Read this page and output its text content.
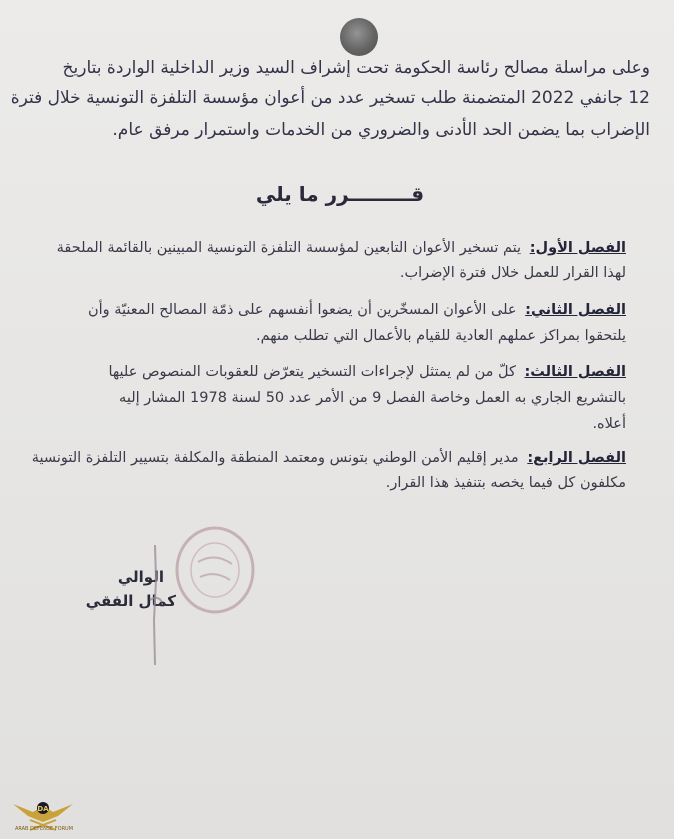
وعلى مراسلة مصالح رئاسة الحكومة تحت إشراف السيد وزير الداخلية الواردة بتاريخ
12 جانفي 2022 المتضمنة طلب تسخير عدد من أعوان مؤسسة التلفزة التونسية خلال فترة
الإضراب بما يضمن الحد الأدنى والضروري من الخدمات واستمرار مرفق عام.
قـــــــــرر ما يلي
الفصل الأول: يتم تسخير الأعوان التابعين لمؤسسة التلفزة التونسية المبينين بالقائمة الملحقة
لهذا القرار للعمل خلال فترة الإضراب.
الفصل الثاني: على الأعوان المسخّرين أن يضعوا أنفسهم على ذمّة المصالح المعنيّة وأن
يلتحقوا بمراكز عملهم العادية للقيام بالأعمال التي تطلب منهم.
الفصل الثالث: كلّ من لم يمتثل لإجراءات التسخير يتعرّض للعقوبات المنصوص عليها
بالتشريع الجاري به العمل وخاصة الفصل 9 من الأمر عدد 50 لسنة 1978 المشار إليه
أعلاه.
الفصل الرابع: مدير إقليم الأمن الوطني بتونس ومعتمد المنطقة والمكلفة بتسيير التلفزة التونسية
مكلفون كل فيما يخصه بتنفيذ هذا القرار.
الوالي
كمال الفقي
DA
ARAB DEFENSE FORUM
